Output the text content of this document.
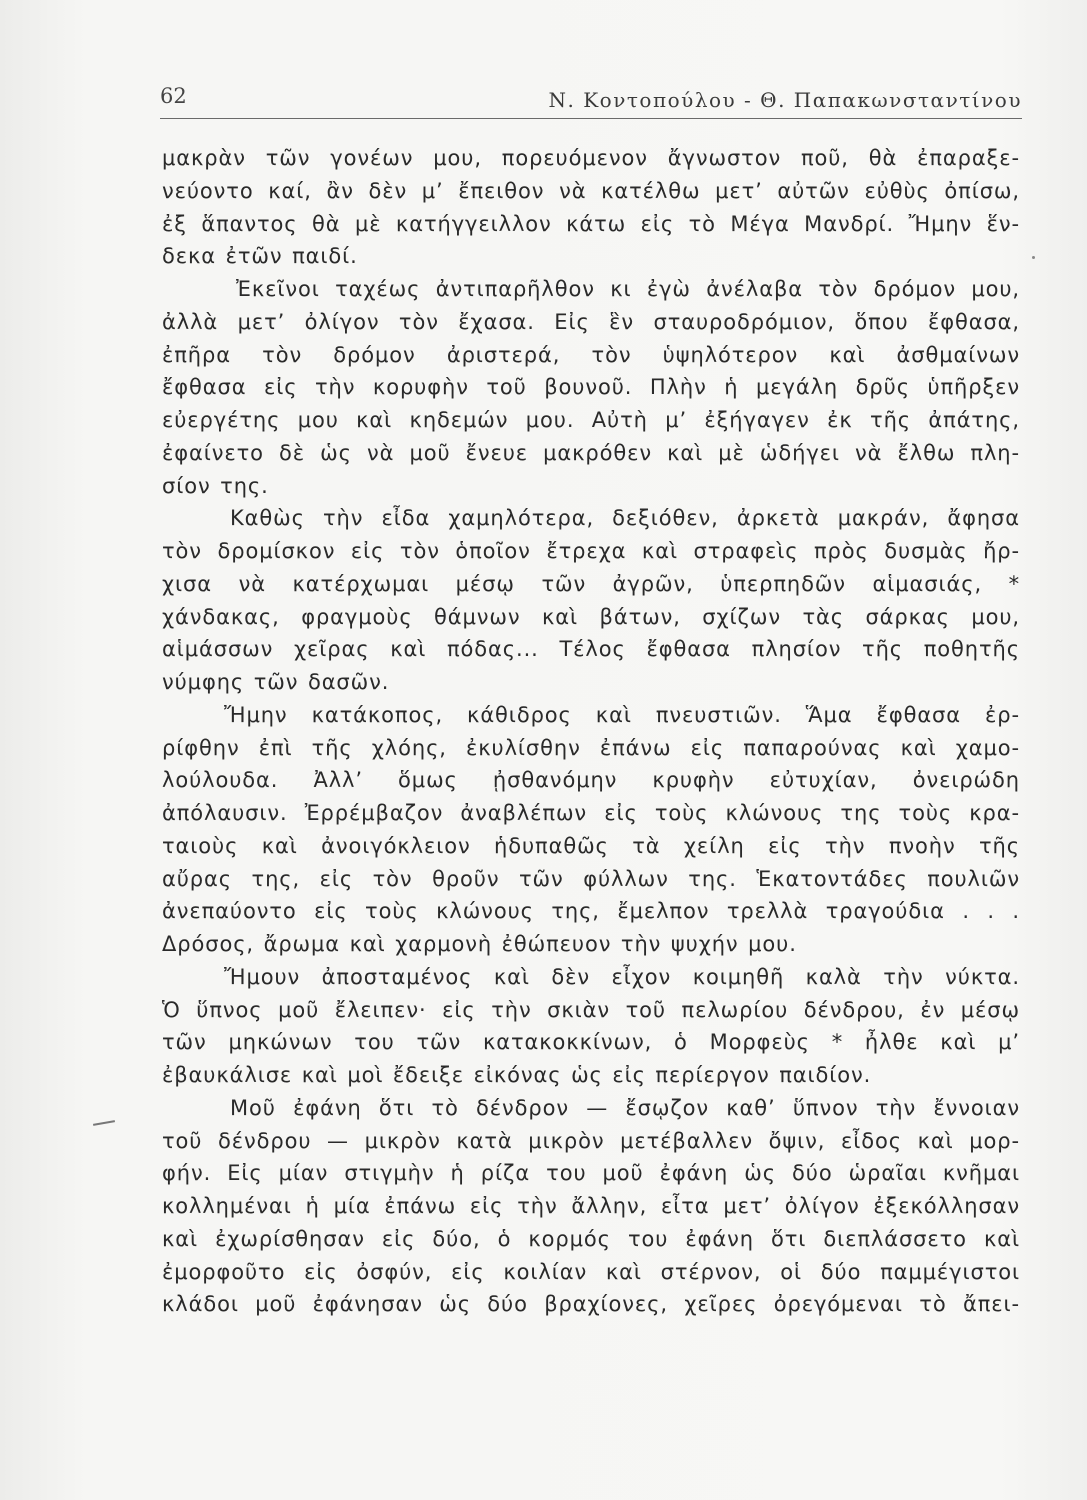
62	Ν. Κοντοπούλου - Θ. Παπακωνσταντίνου
μακρὰν τῶν γονέων μου, πορευόμενον ἄγνωστον ποῦ, θὰ ἐπαραξε-
νεύοντο καί, ἂν δὲν μ’ ἔπειθον νὰ κατέλθω μετ’ αὐτῶν εὐθὺς ὀπίσω,
ἐξ ἅπαντος θὰ μὲ κατήγγειλλον κάτω εἰς τὸ Μέγα Μανδρί. Ἤμην ἕν-
δεκα ἐτῶν παιδί.
Ἐκεῖνοι ταχέως ἀντιπαρῆλθον κι ἐγὼ ἀνέλαβα τὸν δρόμον μου,
ἀλλὰ μετ’ ὀλίγον τὸν ἔχασα. Εἰς ἓν σταυροδρόμιον, ὅπου ἔφθασα,
ἐπῆρα τὸν δρόμον ἀριστερά, τὸν ὑψηλότερον καὶ ἀσθμαίνων
ἔφθασα εἰς τὴν κορυφὴν τοῦ βουνοῦ. Πλὴν ἡ μεγάλη δρῦς ὑπῆρξεν
εὐεργέτης μου καὶ κηδεμών μου. Αὐτὴ μ’ ἐξήγαγεν ἐκ τῆς ἀπάτης,
ἐφαίνετο δὲ ὡς νὰ μοῦ ἔνευε μακρόθεν καὶ μὲ ὡδήγει νὰ ἔλθω πλη-
σίον της.
Καθὼς τὴν εἶδα χαμηλότερα, δεξιόθεν, ἀρκετὰ μακράν, ἄφησα
τὸν δρομίσκον εἰς τὸν ὁποῖον ἔτρεχα καὶ στραφεὶς πρὸς δυσμὰς ἤρ-
χισα νὰ κατέρχωμαι μέσῳ τῶν ἀγρῶν, ὑπερπηδῶν αἱμασιάς, *
χάνδακας, φραγμοὺς θάμνων καὶ βάτων, σχίζων τὰς σάρκας μου,
αἱμάσσων χεῖρας καὶ πόδας... Τέλος ἔφθασα πλησίον τῆς ποθητῆς
νύμφης τῶν δασῶν.
Ἤμην κατάκοπος, κάθιδρος καὶ πνευστιῶν. Ἅμα ἔφθασα ἐρ-
ρίφθην ἐπὶ τῆς χλόης, ἐκυλίσθην ἐπάνω εἰς παπαρούνας καὶ χαμο-
λούλουδα. Ἀλλ’ ὅμως ᾐσθανόμην κρυφὴν εὐτυχίαν, ὀνειρώδη
ἀπόλαυσιν. Ἐρρέμβαζον ἀναβλέπων εἰς τοὺς κλώνους της τοὺς κρα-
ταιοὺς καὶ ἀνοιγόκλειον ἡδυπαθῶς τὰ χείλη εἰς τὴν πνοὴν τῆς
αὔρας της, εἰς τὸν θροῦν τῶν φύλλων της. Ἑκατοντάδες πουλιῶν
ἀνεπαύοντο εἰς τοὺς κλώνους της, ἔμελπον τρελλὰ τραγούδια . . .
Δρόσος, ἄρωμα καὶ χαρμονὴ ἐθώπευον τὴν ψυχήν μου.
Ἤμουν ἀποσταμένος καὶ δὲν εἶχον κοιμηθῆ καλὰ τὴν νύκτα.
Ὁ ὕπνος μοῦ ἔλειπεν· εἰς τὴν σκιὰν τοῦ πελωρίου δένδρου, ἐν μέσῳ
τῶν μηκώνων του τῶν κατακοκκίνων, ὁ Μορφεὺς * ἦλθε καὶ μ’
ἐβαυκάλισε καὶ μοὶ ἔδειξε εἰκόνας ὡς εἰς περίεργον παιδίον.
Μοῦ ἐφάνη ὅτι τὸ δένδρον — ἔσῳζον καθ’ ὕπνον τὴν ἔννοιαν
τοῦ δένδρου — μικρὸν κατὰ μικρὸν μετέβαλλεν ὄψιν, εἶδος καὶ μορ-
φήν. Εἰς μίαν στιγμὴν ἡ ρίζα του μοῦ ἐφάνη ὡς δύο ὡραῖαι κνῆμαι
κολλημέναι ἡ μία ἐπάνω εἰς τὴν ἄλλην, εἶτα μετ’ ὀλίγον ἐξεκόλλησαν
καὶ ἐχωρίσθησαν εἰς δύο, ὁ κορμός του ἐφάνη ὅτι διεπλάσσετο καὶ
ἐμορφοῦτο εἰς ὀσφύν, εἰς κοιλίαν καὶ στέρνον, οἱ δύο παμμέγιστοι
κλάδοι μοῦ ἐφάνησαν ὡς δύο βραχίονες, χεῖρες ὀρεγόμεναι τὸ ἄπει-
